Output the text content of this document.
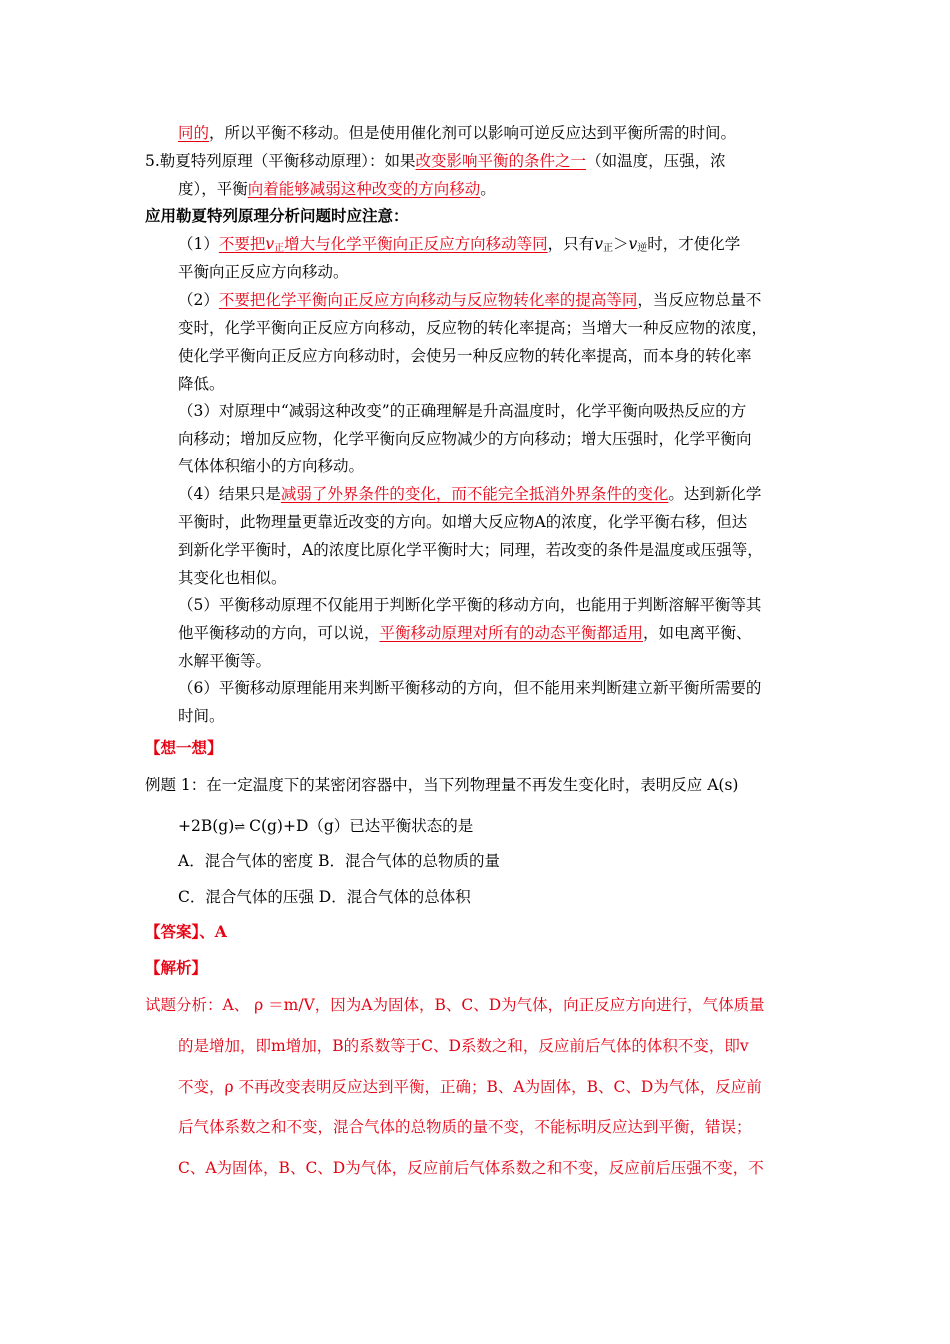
同的，所以平衡不移动。但是使用催化剂可以影响可逆反应达到平衡所需的时间。
5.勒夏特列原理（平衡移动原理）：如果改变影响平衡的条件之一（如温度，压强，浓
度），平衡向着能够减弱这种改变的方向移动。
应用勒夏特列原理分析问题时应注意：
（1）不要把$v_正$增大与化学平衡向正反应方向移动等同，只有$v_正>v_逆$时，才使化学
平衡向正反应方向移动。
（2）不要把化学平衡向正反应方向移动与反应物转化率的提高等同，当反应物总量不
变时，化学平衡向正反应方向移动，反应物的转化率提高；当增大一种反应物的浓度，
使化学平衡向正反应方向移动时，会使另一种反应物的转化率提高，而本身的转化率
降低。
（3）对原理中“减弱这种改变”的正确理解是升高温度时，化学平衡向吸热反应的方
向移动；增加反应物，化学平衡向反应物减少的方向移动；增大压强时，化学平衡向
气体体积缩小的方向移动。
（4）结果只是减弱了外界条件的变化，而不能完全抵消外界条件的变化。达到新化学
平衡时，此物理量更靠近改变的方向。如增大反应物A的浓度，化学平衡右移，但达
到新化学平衡时，A的浓度比原化学平衡时大；同理，若改变的条件是温度或压强等，
其变化也相似。
（5）平衡移动原理不仅能用于判断化学平衡的移动方向，也能用于判断溶解平衡等其
他平衡移动的方向，可以说，平衡移动原理对所有的动态平衡都适用，如电离平衡、
水解平衡等。
（6）平衡移动原理能用来判断平衡移动的方向，但不能用来判断建立新平衡所需要的
时间。
【想一想】
例题 1：在一定温度下的某密闭容器中，当下列物理量不再发生变化时，表明反应 A(s)
+2B(g)⇌ C(g)+D（g）已达平衡状态的是
A．混合气体的密度 B．混合气体的总物质的量
C．混合气体的压强 D．混合气体的总体积
【答案】、A
【解析】
试题分析：A、 ρ ＝m/V，因为A为固体，B、C、D为气体，向正反应方向进行，气体质量
的是增加，即m增加，B的系数等于C、D系数之和，反应前后气体的体积不变，即v
不变，ρ 不再改变表明反应达到平衡，正确；B、A为固体，B、C、D为气体，反应前
后气体系数之和不变，混合气体的总物质的量不变，不能标明反应达到平衡，错误；
C、A为固体，B、C、D为气体，反应前后气体系数之和不变，反应前后压强不变，不
